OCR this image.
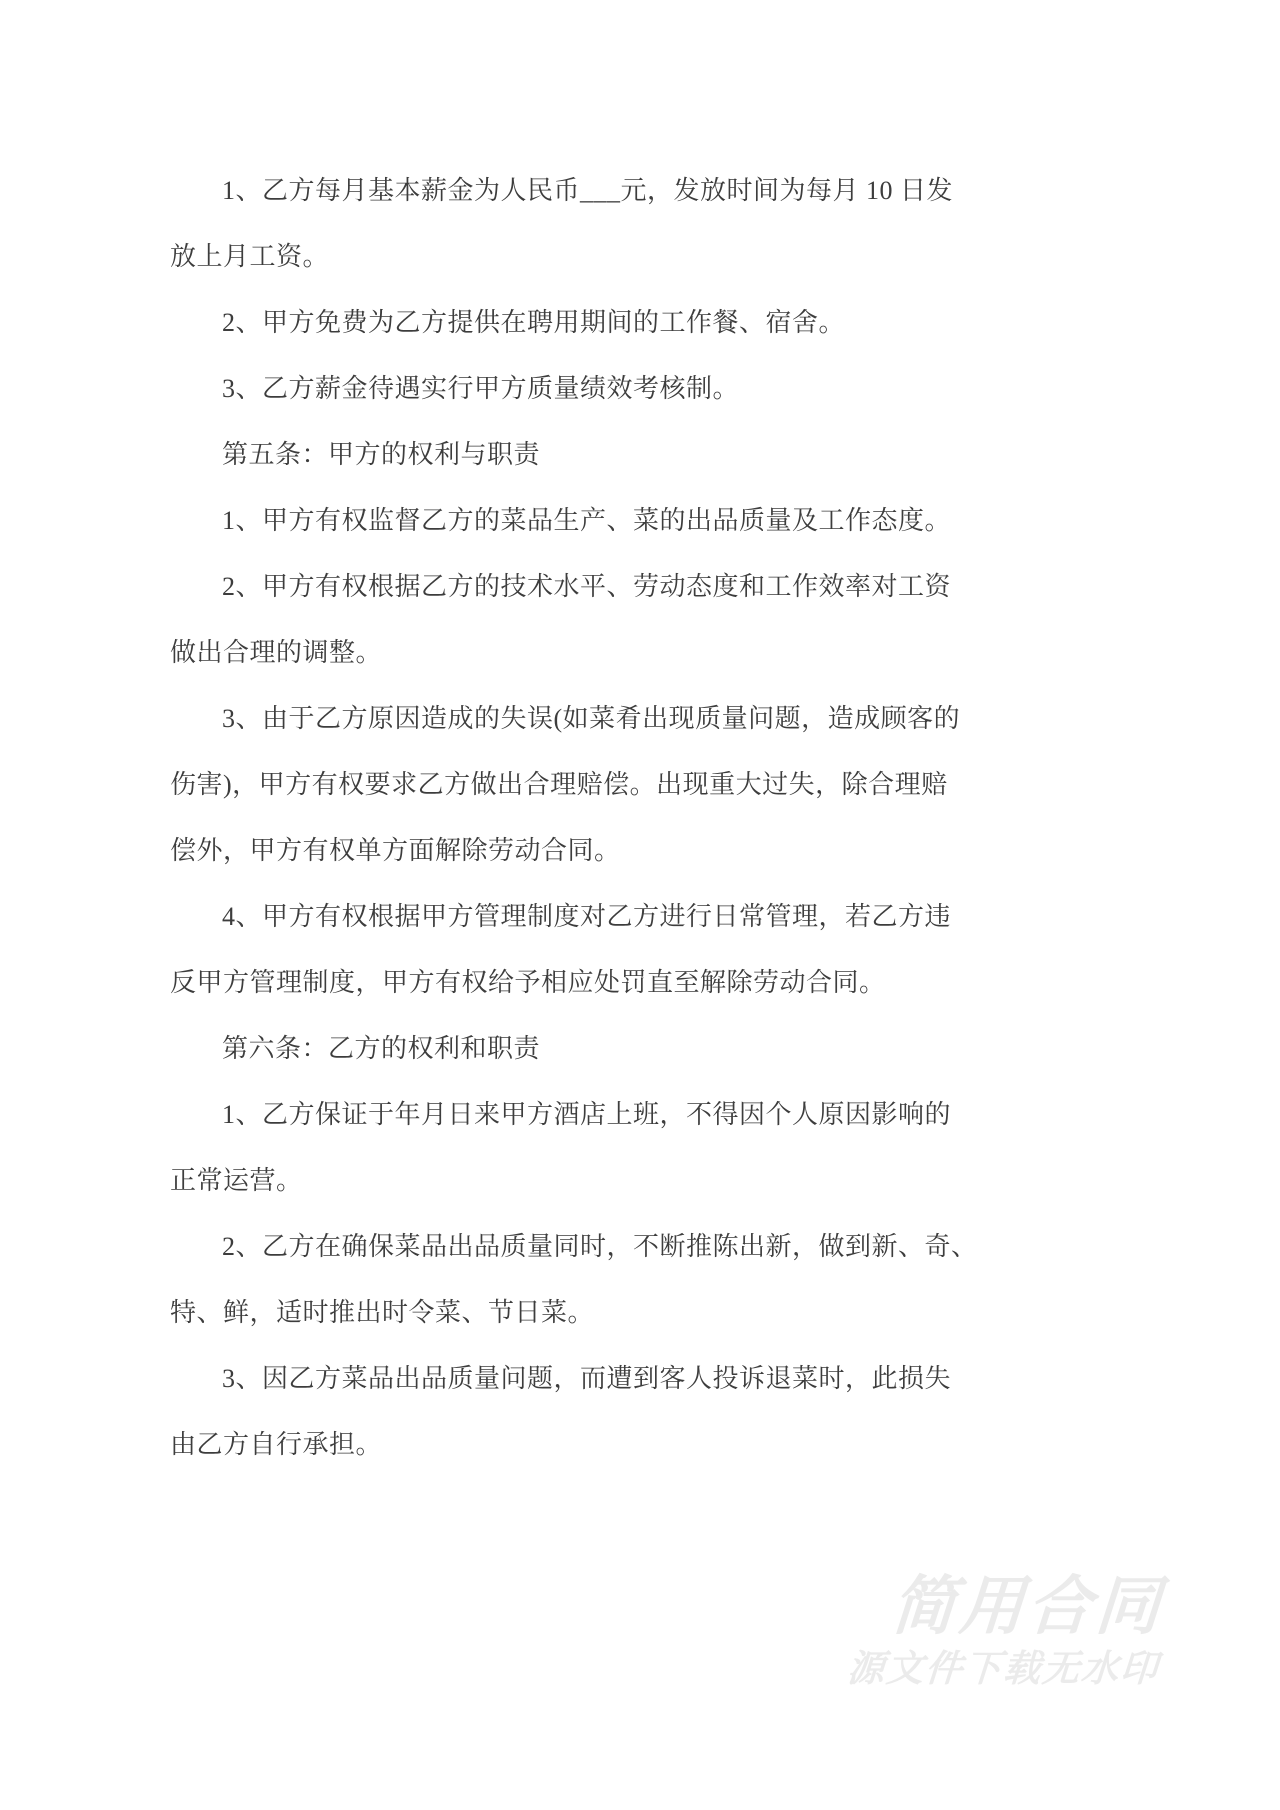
1、乙方每月基本薪金为人民币___元，发放时间为每月 10 日发
放上月工资。
2、甲方免费为乙方提供在聘用期间的工作餐、宿舍。
3、乙方薪金待遇实行甲方质量绩效考核制。
第五条：甲方的权利与职责
1、甲方有权监督乙方的菜品生产、菜的出品质量及工作态度。
2、甲方有权根据乙方的技术水平、劳动态度和工作效率对工资
做出合理的调整。
3、由于乙方原因造成的失误(如菜肴出现质量问题，造成顾客的
伤害)，甲方有权要求乙方做出合理赔偿。出现重大过失，除合理赔
偿外，甲方有权单方面解除劳动合同。
4、甲方有权根据甲方管理制度对乙方进行日常管理，若乙方违
反甲方管理制度，甲方有权给予相应处罚直至解除劳动合同。
第六条：乙方的权利和职责
1、乙方保证于年月日来甲方酒店上班，不得因个人原因影响的
正常运营。
2、乙方在确保菜品出品质量同时，不断推陈出新，做到新、奇、
特、鲜，适时推出时令菜、节日菜。
3、因乙方菜品出品质量问题，而遭到客人投诉退菜时，此损失
由乙方自行承担。
简用合同
源文件下载无水印
